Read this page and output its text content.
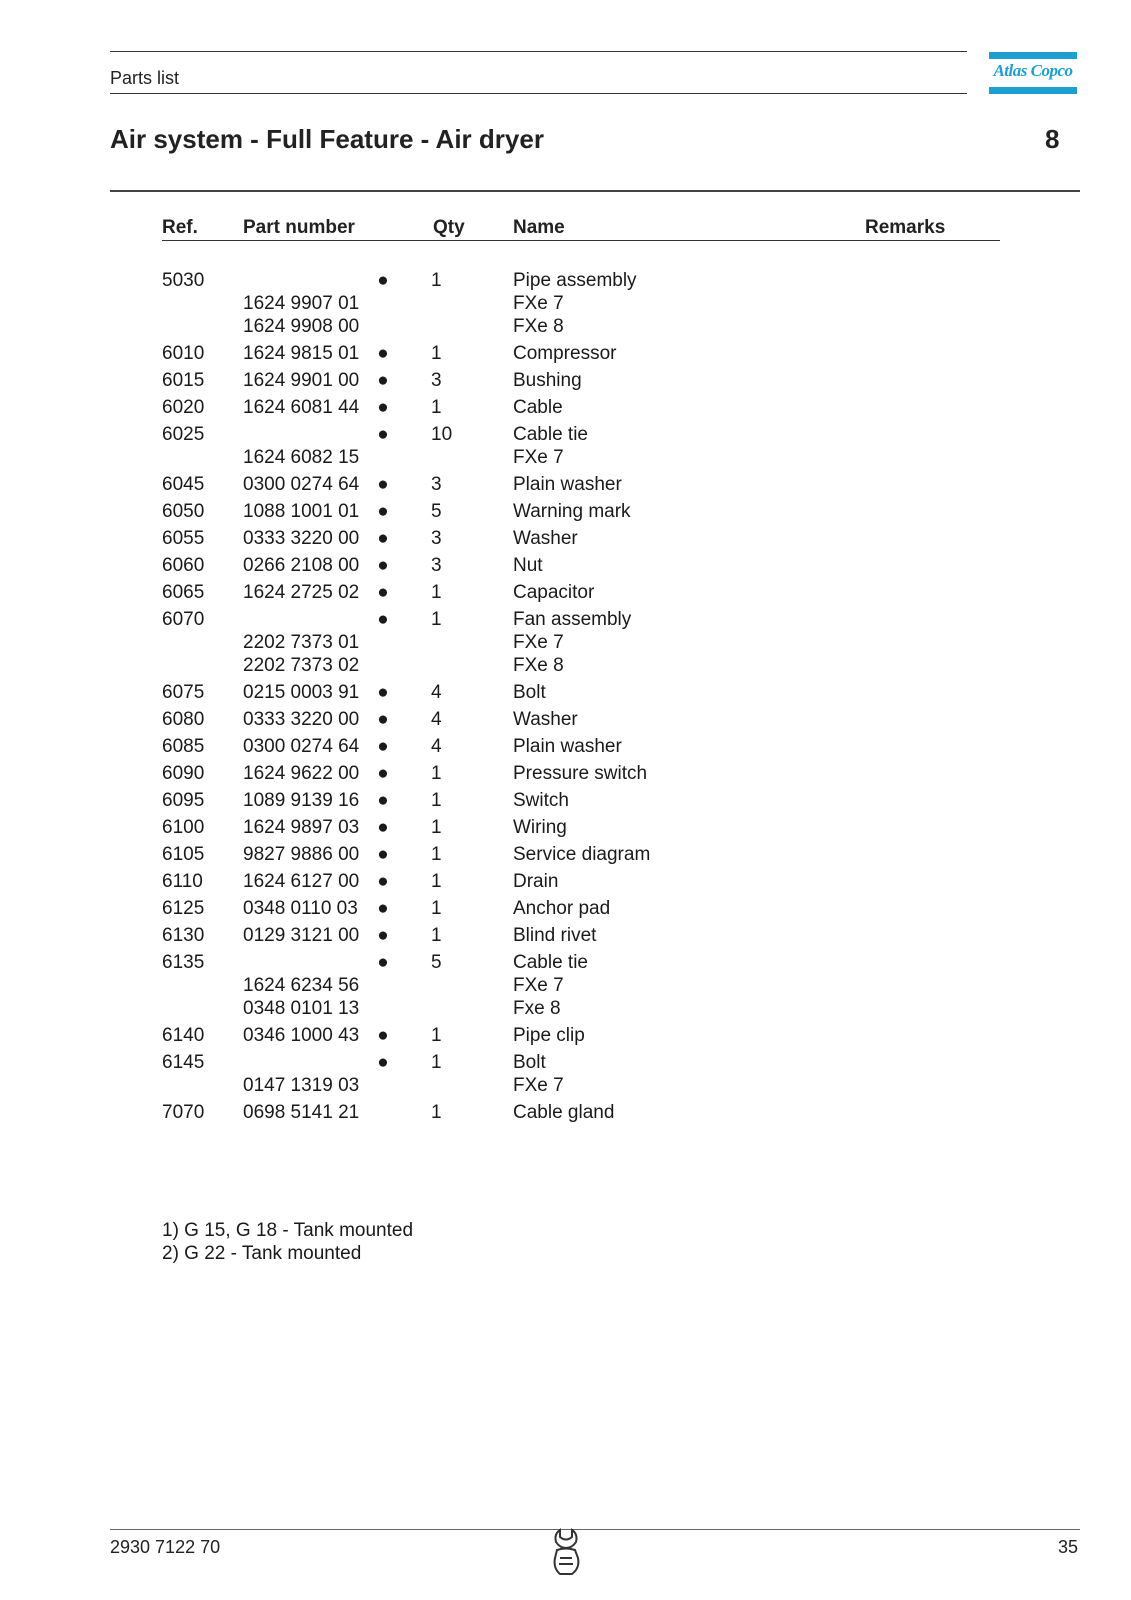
Parts list	Atlas Copco
Air system - Full Feature - Air dryer	8
Ref. Part number	Qty	Name	Remarks
5030	● 1	Pipe assembly
1624 9907 01	FXe 7
1624 9908 00	FXe 8
6010 1624 9815 01 ● 1	Compressor
6015 1624 9901 00 ● 3	Bushing
6020 1624 6081 44 ● 1	Cable
6025	● 10	Cable tie
1624 6082 15	FXe 7
6045 0300 0274 64 ● 3	Plain washer
6050 1088 1001 01 ● 5	Warning mark
6055 0333 3220 00 ● 3	Washer
6060 0266 2108 00 ● 3	Nut
6065 1624 2725 02 ● 1	Capacitor
6070	● 1	Fan assembly
2202 7373 01	FXe 7
2202 7373 02	FXe 8
6075 0215 0003 91 ● 4	Bolt
6080 0333 3220 00 ● 4	Washer
6085 0300 0274 64 ● 4	Plain washer
6090 1624 9622 00 ● 1	Pressure switch
6095 1089 9139 16 ● 1	Switch
6100 1624 9897 03 ● 1	Wiring
6105 9827 9886 00 ● 1	Service diagram
6110 1624 6127 00 ● 1	Drain
6125 0348 0110 03 ● 1	Anchor pad
6130 0129 3121 00 ● 1	Blind rivet
6135	● 5	Cable tie
1624 6234 56	FXe 7
0348 0101 13	Fxe 8
6140 0346 1000 43 ● 1	Pipe clip
6145	● 1	Bolt
0147 1319 03	FXe 7
7070 0698 5141 21	1	Cable gland
1) G 15, G 18 - Tank mounted
2) G 22 - Tank mounted
2930 7122 70	35
